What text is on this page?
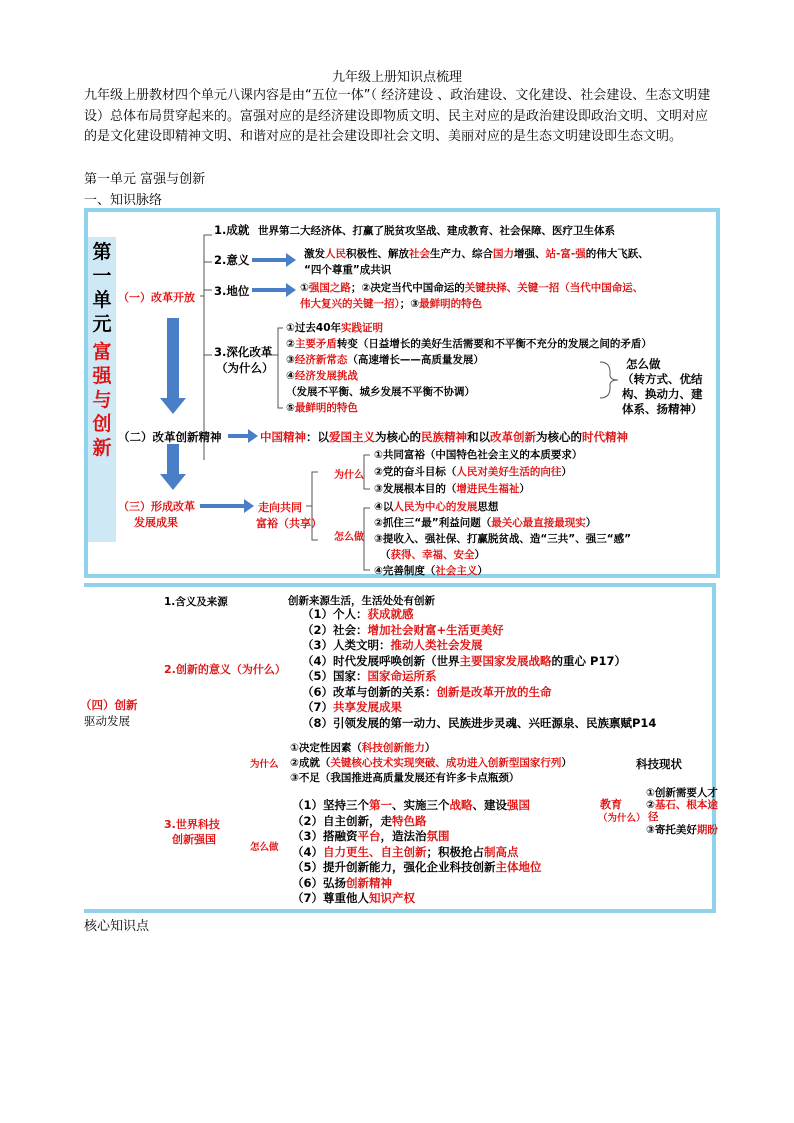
九年级上册知识点梳理
九年级上册教材四个单元八课内容是由“五位一体”（ 经济建设 、政治建设、文化建设、社会建设、生态文明建设）总体布局贯穿起来的。富强对应的是经济建设即物质文明、民主对应的是政治建设即政治文明、文明对应的是文化建设即精神文明、和谐对应的是社会建设即社会文明、美丽对应的是生态文明建设即生态文明。
第一单元 富强与创新
一、知识脉络
第一单元
富强与创新
（一）改革开放
1.成就 世界第二大经济体、打赢了脱贫攻坚战、建成教育、社会保障、医疗卫生体系
2.意义	激发人民积极性、解放社会生产力、综合国力增强、站-富-强的伟大飞跃、
“四个尊重”成共识
3.地位	①强国之路；②决定当代中国命运的关键抉择、关键一招（当代中国命运、
伟大复兴的关键一招）；③最鲜明的特色
3.深化改革
（为什么）
①过去40年实践证明
②主要矛盾转变（日益增长的美好生活需要和不平衡不充分的发展之间的矛盾）
③经济新常态（高速增长——高质量发展）
④经济发展挑战
（发展不平衡、城乡发展不平衡不协调）
⑤最鲜明的特色
怎么做
（转方式、优结
构、换动力、建
体系、扬精神）
（二）改革创新精神	中国精神：以爱国主义为核心的民族精神和以改革创新为核心的时代精神
（三）形成改革
发展成果
走向共同
富裕（共享）
为什么
①共同富裕（中国特色社会主义的本质要求）
②党的奋斗目标（人民对美好生活的向往）
③发展根本目的（增进民生福祉）
怎么做
④以人民为中心的发展思想
②抓住三“最”利益问题（最关心最直接最现实）
③提收入、强社保、打赢脱贫战、造“三共”、强三“感”
（获得、幸福、安全）
④完善制度（社会主义）
（四）创新
驱动发展
1.含义及来源	创新来源生活，生活处处有创新
2.创新的意义（为什么）
（1）个人：获成就感
（2）社会：增加社会财富+生活更美好
（3）人类文明：推动人类社会发展
（4）时代发展呼唤创新（世界主要国家发展战略的重心 P17）
（5）国家：国家命运所系
（6）改革与创新的关系：创新是改革开放的生命
（7）共享发展成果
（8）引领发展的第一动力、民族进步灵魂、兴旺源泉、民族禀赋P14
3.世界科技
创新强国
为什么
①决定性因素（科技创新能力）
②成就（关键核心技术实现突破、成功进入创新型国家行列）
③不足（我国推进高质量发展还有许多卡点瓶颈）
科技现状
怎么做
（1）坚持三个第一、实施三个战略、建设强国
（2）自主创新，走特色路
（3）搭融资平台，造法治氛围
（4）自力更生、自主创新；积极抢占制高点
（5）提升创新能力，强化企业科技创新主体地位
（6）弘扬创新精神
（7）尊重他人知识产权
教育
（为什么）
①创新需要人才
②基石、根本途
径
③寄托美好期盼
核心知识点
